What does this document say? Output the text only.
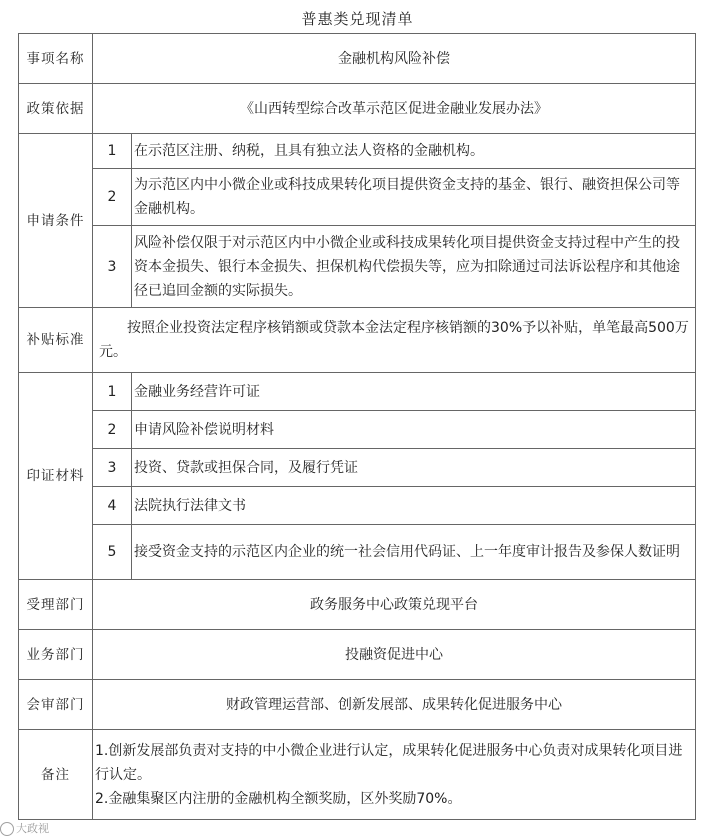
普惠类兑现清单
事项名称	金融机构风险补偿	
政策依据	《山西转型综合改革示范区促进金融业发展办法》	
申请条件	1	在示范区注册、纳税，且具有独立法人资格的金融机构。
	2	为示范区内中小微企业或科技成果转化项目提供资金支持的基金、银行、融资担保公司等金融机构。
	3	风险补偿仅限于对示范区内中小微企业或科技成果转化项目提供资金支持过程中产生的投资本金损失、银行本金损失、担保机构代偿损失等，应为扣除通过司法诉讼程序和其他途径已追回金额的实际损失。
补贴标准	按照企业投资法定程序核销额或贷款本金法定程序核销额的30%予以补贴，单笔最高500万元。	
印证材料	1	金融业务经营许可证
	2	申请风险补偿说明材料
	3	投资、贷款或担保合同，及履行凭证
	4	法院执行法律文书
	5	接受资金支持的示范区内企业的统一社会信用代码证、上一年度审计报告及参保人数证明
受理部门	政务服务中心政策兑现平台	
业务部门	投融资促进中心	
会审部门	财政管理运营部、创新发展部、成果转化促进服务中心	
备注	1.创新发展部负责对支持的中小微企业进行认定，成果转化促进服务中心负责对成果转化项目进行认定。
2.金融集聚区内注册的金融机构全额奖励，区外奖励70%。	
大政视
